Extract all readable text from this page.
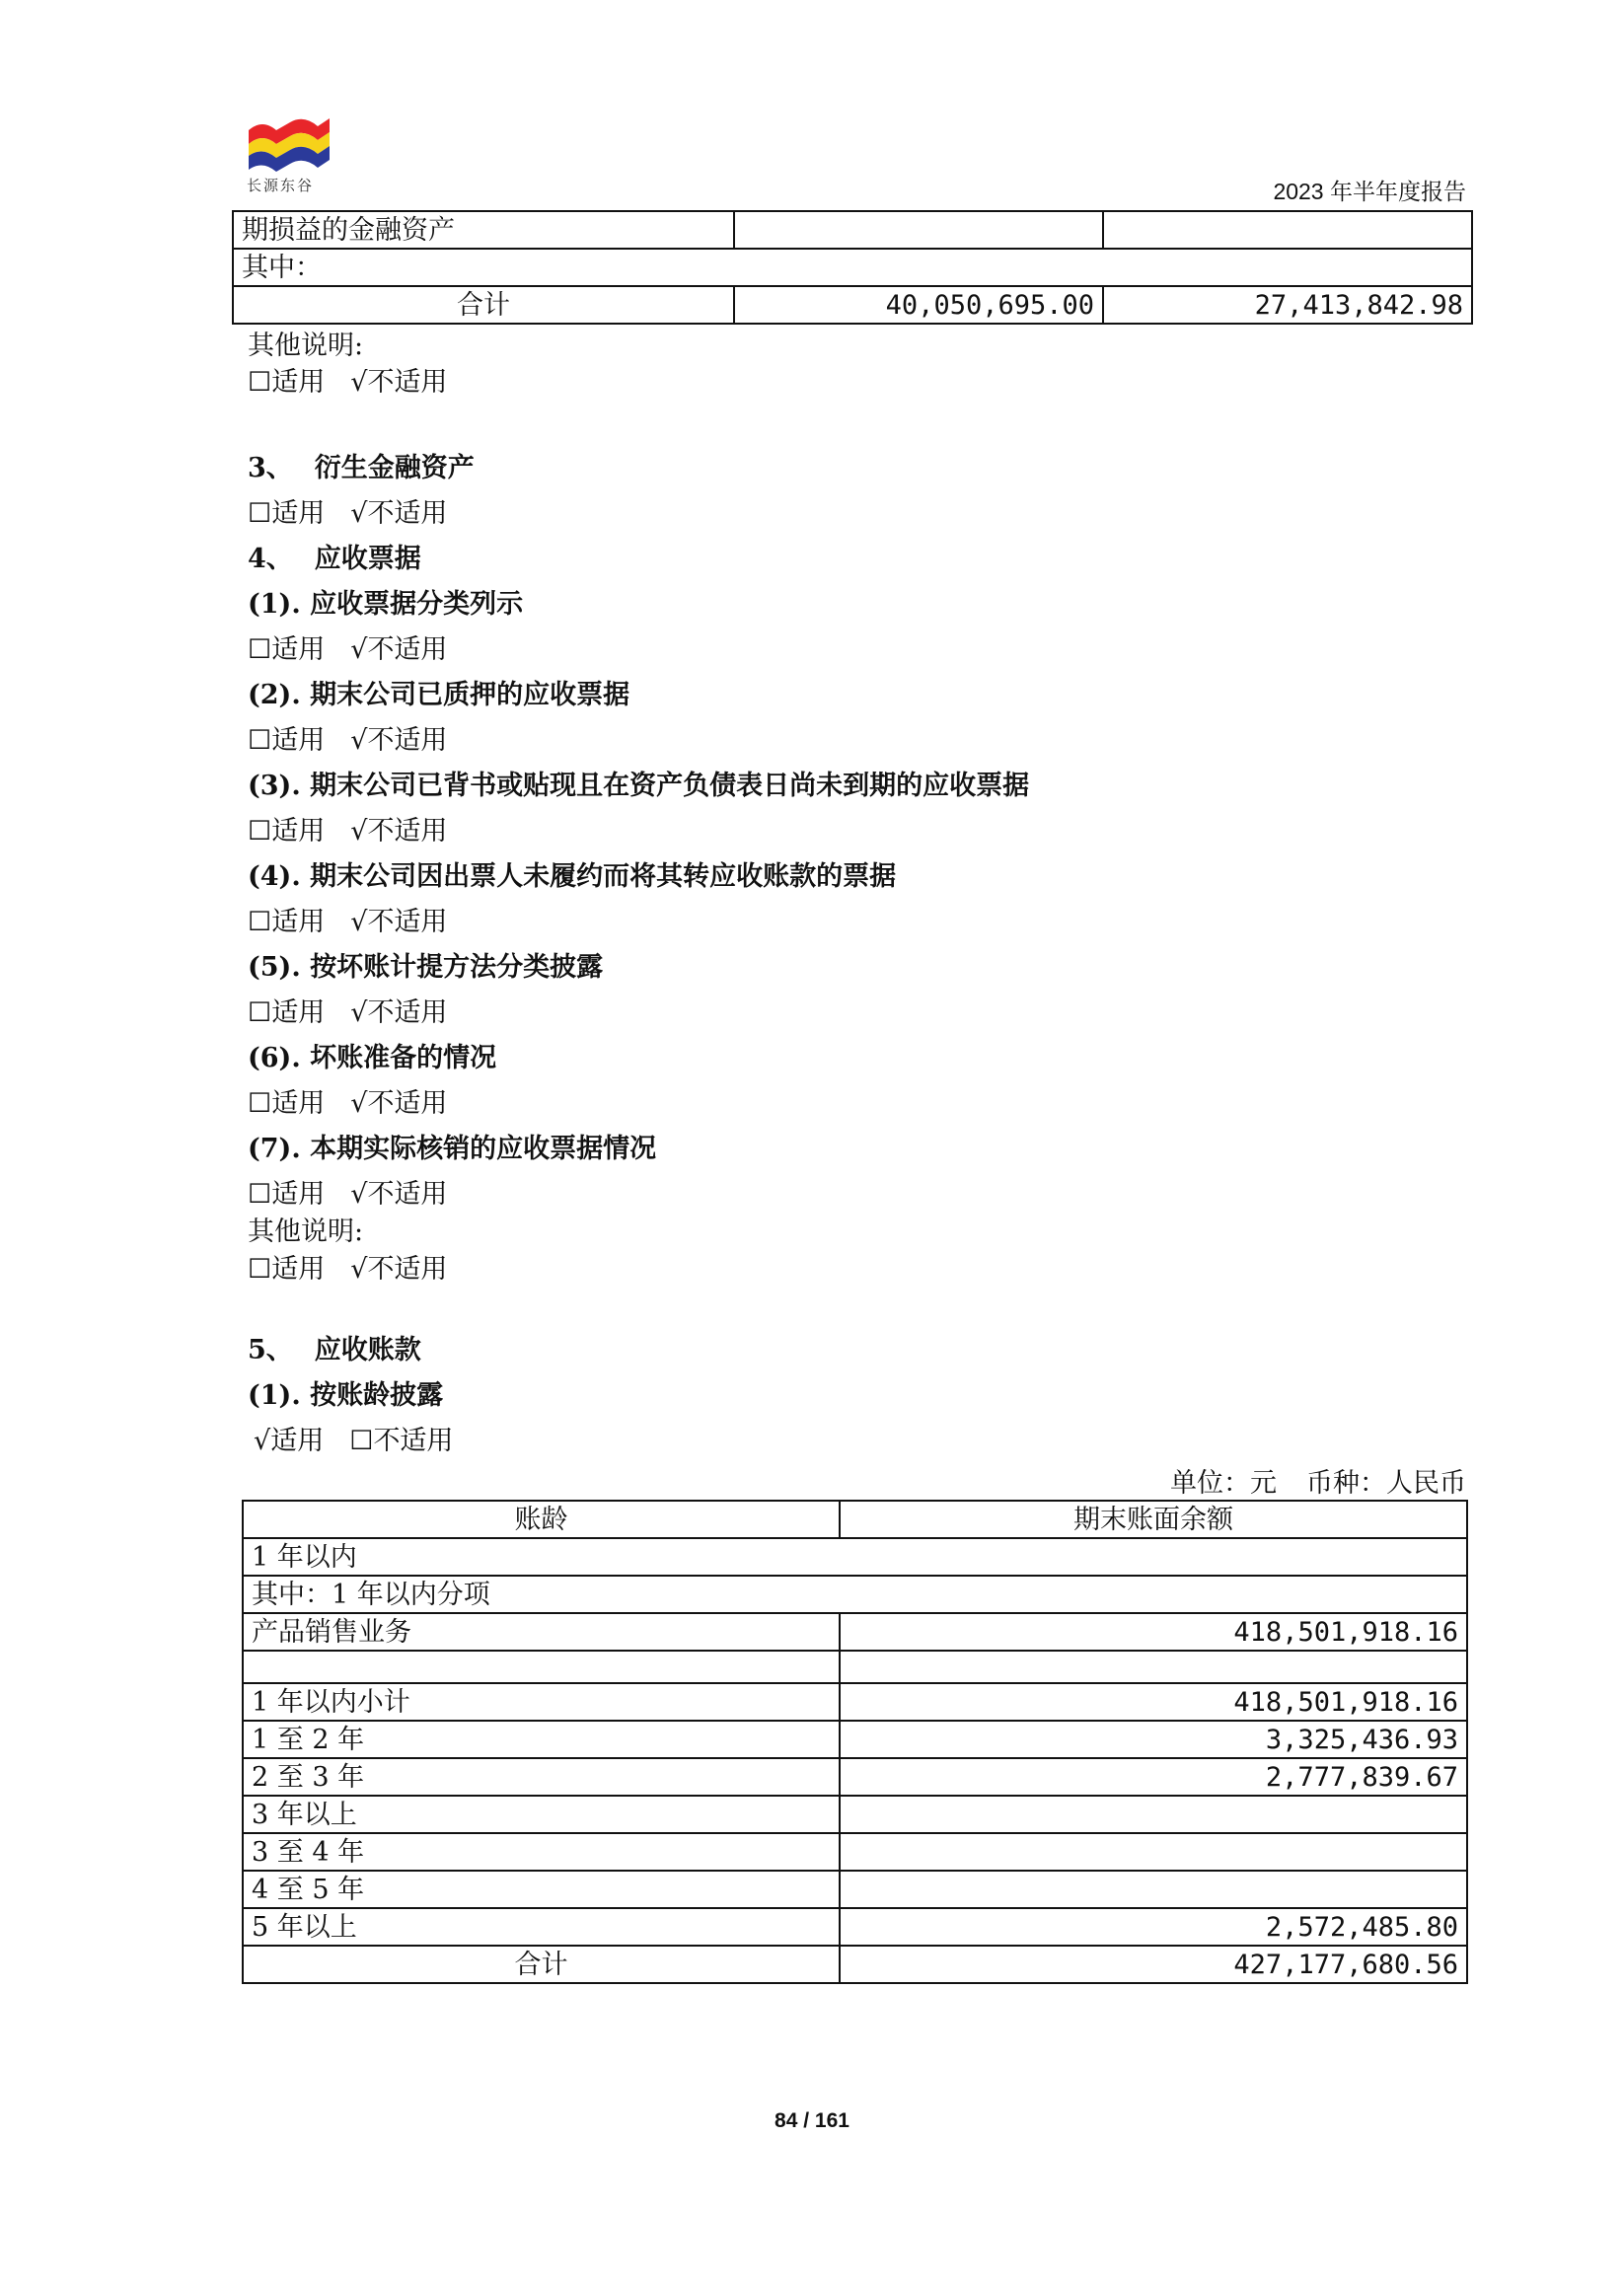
长源东谷	2023 年半年度报告
期损益的金融资产		
其中：		
合计	40,050,695.00	27,413,842.98
其他说明:
☐适用 √不适用
3、 衍生金融资产
☐适用 √不适用
4、 应收票据
(1). 应收票据分类列示
☐适用 √不适用
(2). 期末公司已质押的应收票据
☐适用 √不适用
(3). 期末公司已背书或贴现且在资产负债表日尚未到期的应收票据
☐适用 √不适用
(4). 期末公司因出票人未履约而将其转应收账款的票据
☐适用 √不适用
(5). 按坏账计提方法分类披露
☐适用 √不适用
(6). 坏账准备的情况
☐适用 √不适用
(7). 本期实际核销的应收票据情况
☐适用 √不适用
其他说明:
☐适用 √不适用
5、 应收账款
(1). 按账龄披露
√适用 ☐不适用
单位：元 币种：人民币
账龄	期末账面余额
1 年以内	
其中：1 年以内分项	
产品销售业务	418,501,918.16

1 年以内小计	418,501,918.16
1 至 2 年	3,325,436.93
2 至 3 年	2,777,839.67
3 年以上	
3 至 4 年	
4 至 5 年	
5 年以上	2,572,485.80
合计	427,177,680.56
84 / 161
